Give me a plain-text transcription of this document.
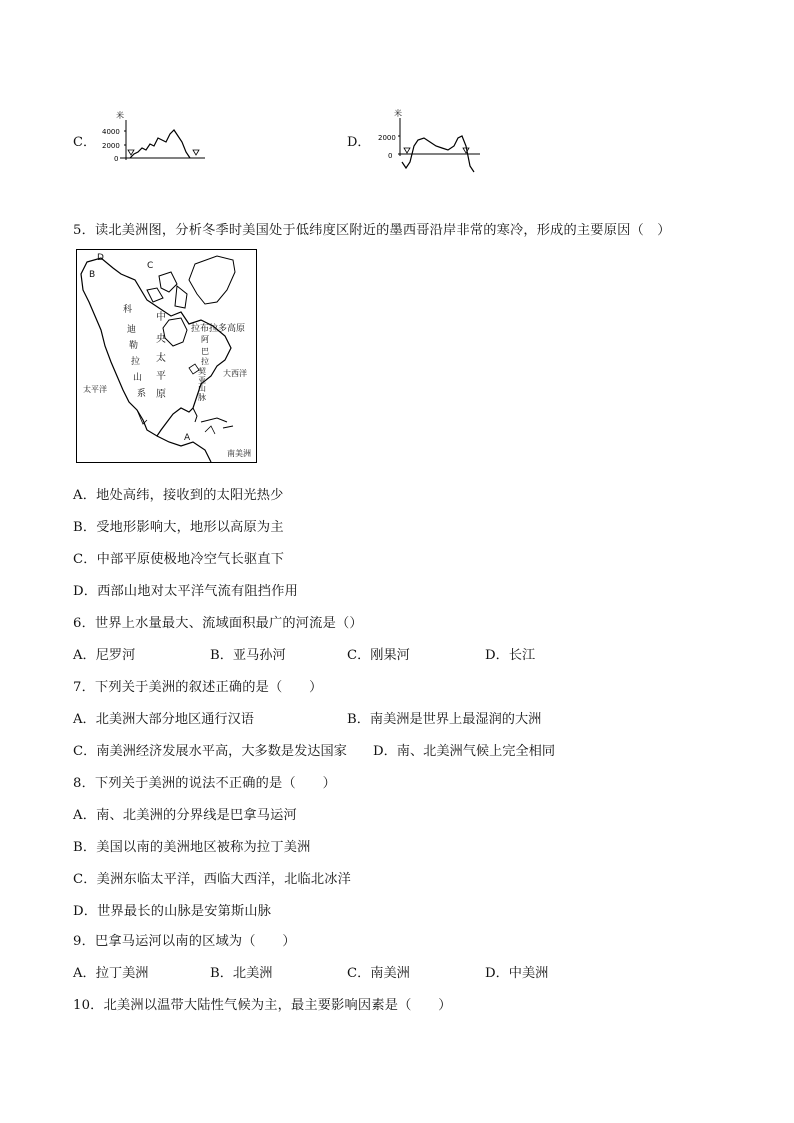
C．
米
4000
2000
0
D．
米
2000
0
5．读北美洲图，分析冬季时美国处于低纬度区附近的墨西哥沿岸非常的寒冷，形成的主要原因（　）
A
B
C
D
中
央
太
平
原
科
迪
勒
拉
山
系
拉布拉多高原
阿
巴
拉
契
亚
山
脉
太平洋
大西洋
南美洲
A．地处高纬，接收到的太阳光热少
B．受地形影响大，地形以高原为主
C．中部平原使极地冷空气长驱直下
D．西部山地对太平洋气流有阻挡作用
6．世界上水量最大、流域面积最广的河流是（）
A．尼罗河	B．亚马孙河	C．刚果河	D．长江
7．下列关于美洲的叙述正确的是（　　）
A．北美洲大部分地区通行汉语	B．南美洲是世界上最湿润的大洲
C．南美洲经济发展水平高，大多数是发达国家 D．南、北美洲气候上完全相同
8．下列关于美洲的说法不正确的是（　　）
A．南、北美洲的分界线是巴拿马运河
B．美国以南的美洲地区被称为拉丁美洲
C．美洲东临太平洋，西临大西洋，北临北冰洋
D．世界最长的山脉是安第斯山脉
9．巴拿马运河以南的区域为（　　）
A．拉丁美洲	B．北美洲	C．南美洲	D．中美洲
10．北美洲以温带大陆性气候为主，最主要影响因素是（　　）
